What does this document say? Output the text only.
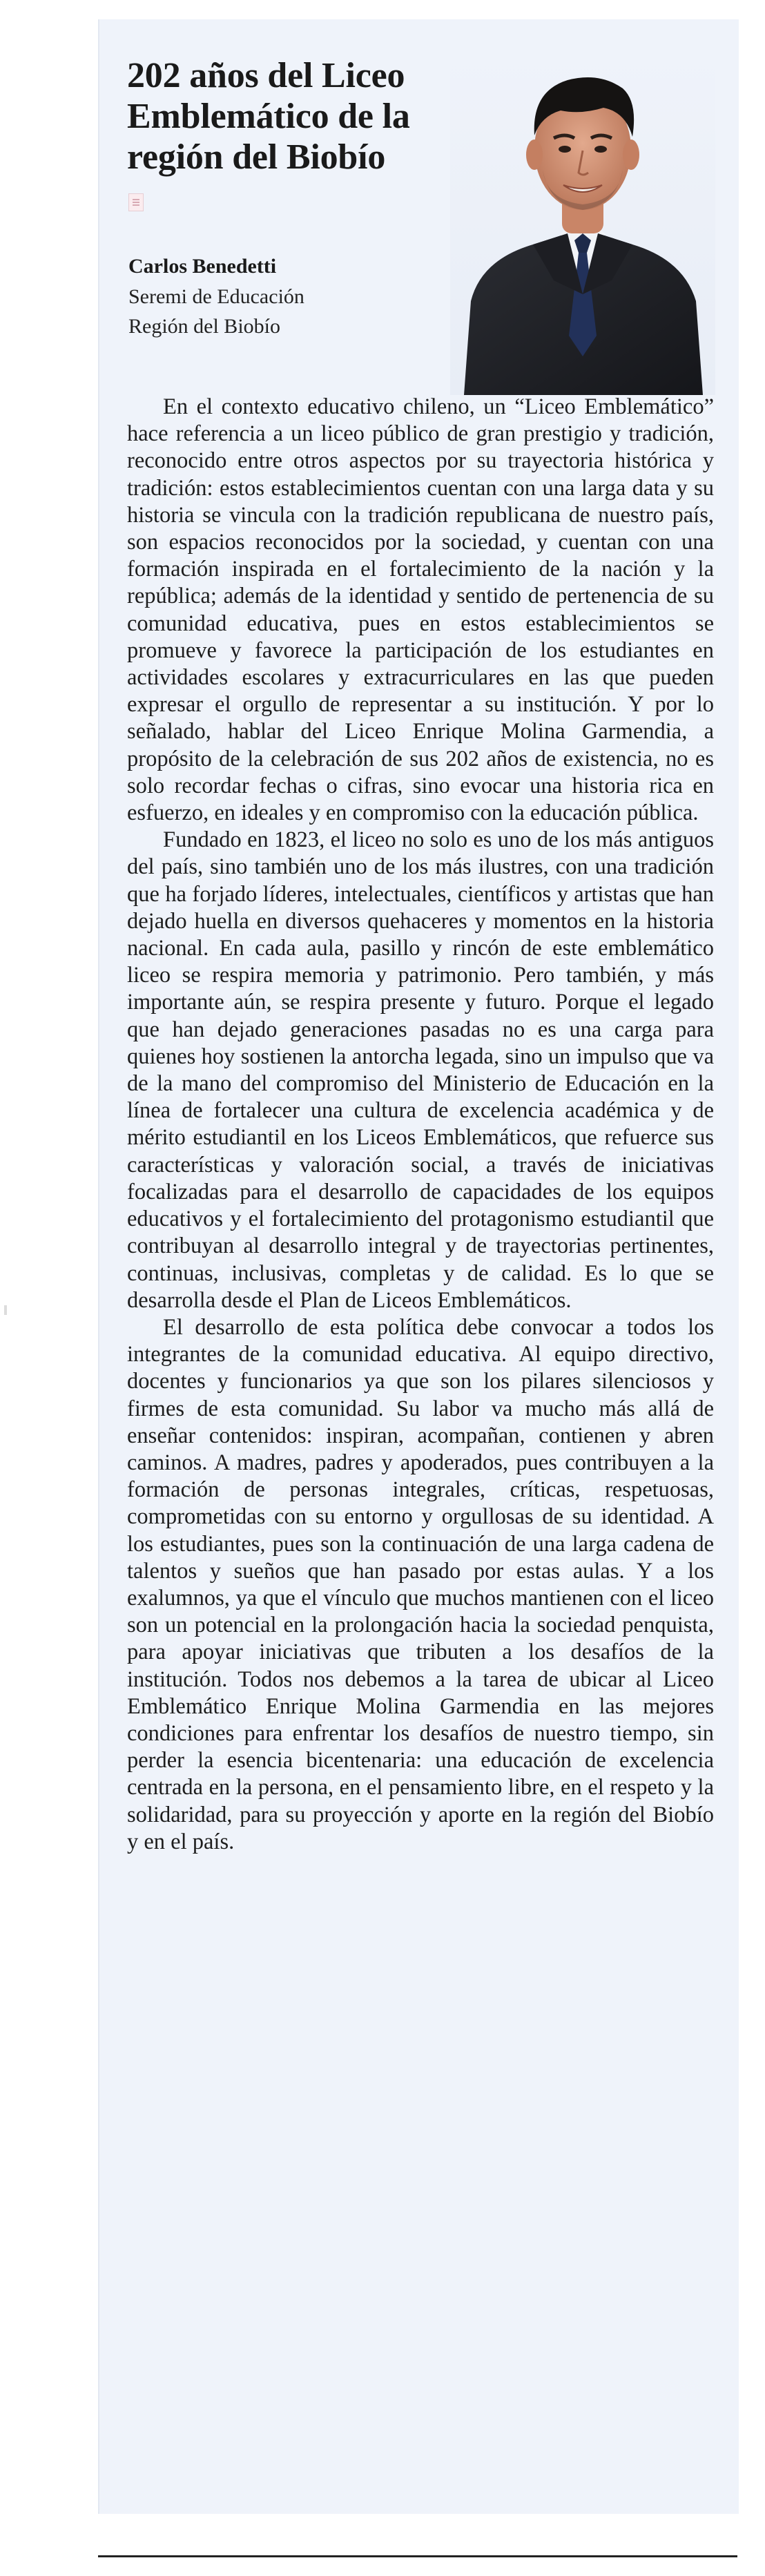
202 años del Liceo Emblemático de la región del Biobío
Carlos Benedetti
Seremi de Educación
Región del Biobío

En el contexto educativo chileno, un “Liceo Emblemático” hace referencia a un liceo público de gran prestigio y tradición, reconocido entre otros aspectos por su trayectoria histórica y tradición: estos establecimientos cuentan con una larga data y su historia se vincula con la tradición republicana de nuestro país, son espacios reconocidos por la sociedad, y cuentan con una formación inspirada en el fortalecimiento de la nación y la república; además de la identidad y sentido de pertenencia de su comunidad educativa, pues en estos establecimientos se promueve y favorece la participación de los estudiantes en actividades escolares y extracurriculares en las que pueden expresar el orgullo de representar a su institución. Y por lo señalado, hablar del Liceo Enrique Molina Garmendia, a propósito de la celebración de sus 202 años de existencia, no es solo recordar fechas o cifras, sino evocar una historia rica en esfuerzo, en ideales y en compromiso con la educación pública.

Fundado en 1823, el liceo no solo es uno de los más antiguos del país, sino también uno de los más ilustres, con una tradición que ha forjado líderes, intelectuales, científicos y artistas que han dejado huella en diversos quehaceres y momentos en la historia nacional. En cada aula, pasillo y rincón de este emblemático liceo se respira memoria y patrimonio. Pero también, y más importante aún, se respira presente y futuro. Porque el legado que han dejado generaciones pasadas no es una carga para quienes hoy sostienen la antorcha legada, sino un impulso que va de la mano del compromiso del Ministerio de Educación en la línea de fortalecer una cultura de excelencia académica y de mérito estudiantil en los Liceos Emblemáticos, que refuerce sus características y valoración social, a través de iniciativas focalizadas para el desarrollo de capacidades de los equipos educativos y el fortalecimiento del protagonismo estudiantil que contribuyan al desarrollo integral y de trayectorias pertinentes, continuas, inclusivas, completas y de calidad. Es lo que se desarrolla desde el Plan de Liceos Emblemáticos.

El desarrollo de esta política debe convocar a todos los integrantes de la comunidad educativa. Al equipo directivo, docentes y funcionarios ya que son los pilares silenciosos y firmes de esta comunidad. Su labor va mucho más allá de enseñar contenidos: inspiran, acompañan, contienen y abren caminos. A madres, padres y apoderados, pues contribuyen a la formación de personas integrales, críticas, respetuosas, comprometidas con su entorno y orgullosas de su identidad. A los estudiantes, pues son la continuación de una larga cadena de talentos y sueños que han pasado por estas aulas. Y a los exalumnos, ya que el vínculo que muchos mantienen con el liceo son un potencial en la prolongación hacia la sociedad penquista, para apoyar iniciativas que tributen a los desafíos de la institución. Todos nos debemos a la tarea de ubicar al Liceo Emblemático Enrique Molina Garmendia en las mejores condiciones para enfrentar los desafíos de nuestro tiempo, sin perder la esencia bicentenaria: una educación de excelencia centrada en la persona, en el pensamiento libre, en el respeto y la solidaridad, para su proyección y aporte en la región del Biobío y en el país.
